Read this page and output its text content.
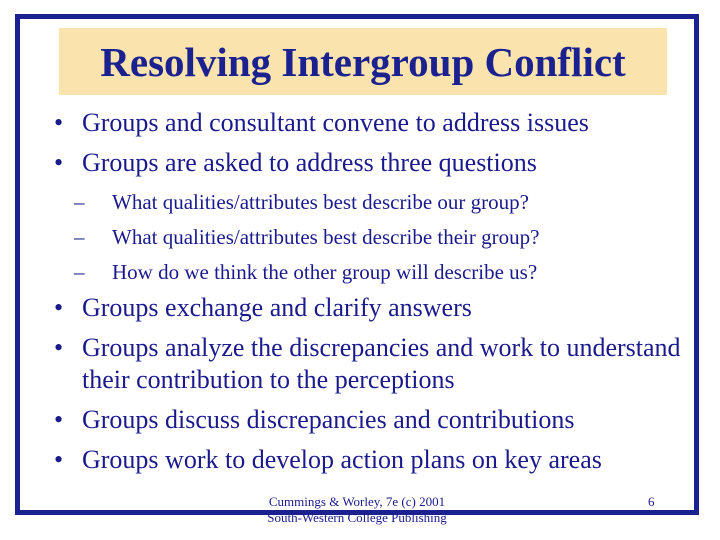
Resolving Intergroup Conflict
• Groups and consultant convene to address issues
• Groups are asked to address three questions
– What qualities/attributes best describe our group?
– What qualities/attributes best describe their group?
– How do we think the other group will describe us?
• Groups exchange and clarify answers
• Groups analyze the discrepancies and work to understand their contribution to the perceptions
• Groups discuss discrepancies and contributions
• Groups work to develop action plans on key areas
Cummings & Worley, 7e (c) 2001
South-Western College Publishing
6
